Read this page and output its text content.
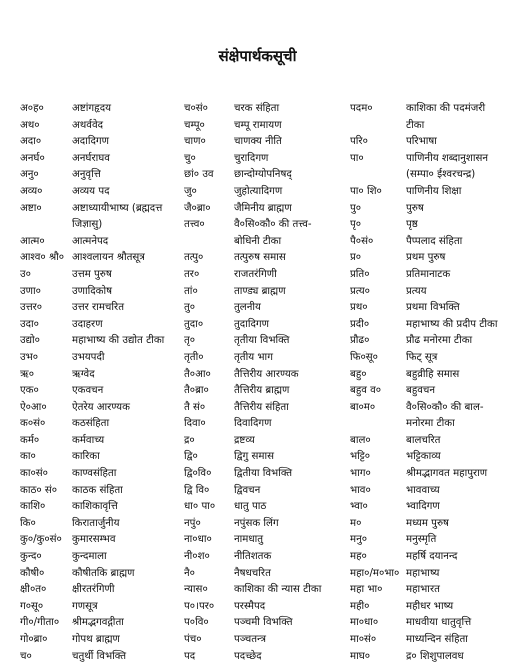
संक्षेपार्थकसूची
अ०ह०	अष्टांगहृदय
अथ०	अथर्ववेद
अदा०	अदादिगण
अनर्घ०	अनर्घराघव
अनु०	अनुवृत्ति
अव्य०	अव्यय पद
अष्टा०	अष्टाध्यायीभाष्य (ब्रह्मदत्त
जिज्ञासु)
आत्म०	आत्मनेपद
आश्व० श्रौ० आश्वलायन श्रौतसूत्र
उ०	उत्तम पुरुष
उणा०	उणादिकोष
उत्तर०	उत्तर रामचरित
उदा०	उदाहरण
उद्यो०	महाभाष्य की उद्योत टीका
उभ०	उभयपदी
ऋ०	ऋग्वेद
एक०	एकवचन
ऐ०आ०	ऐतरेय आरण्यक
क०सं०	कठसंहिता
कर्म०	कर्मवाच्य
का०	कारिका
का०सं०	काण्वसंहिता
काठ० सं०	काठक संहिता
काशि०	काशिकावृत्ति
कि०	किरातार्जुनीय
कु०/कु०सं० कुमारसम्भव
कुन्द०	कुन्दमाला
कौषी०	कौषीतकि ब्राह्मण
क्षी०त०	क्षीरतरंगिणी
ग०सू०	गणसूत्र
गी०/गीता०	श्रीमद्भगवद्गीता
गो०ब्रा०	गोपथ ब्राह्मण
च०	चतुर्थी विभक्ति
च०सं०	चरक संहिता
चम्पू०	चम्पू रामायण
चाण०	चाणक्य नीति
चु०	चुरादिगण
छां० उव	छान्दोग्योपनिषद्
जु०	जुहोत्यादिगण
जै०ब्रा०	जैमिनीय ब्राह्मण
तत्त्व०	वै०सि०कौ० की तत्त्व-
बोधिनी टीका
तत्पु०	तत्पुरुष समास
तर०	राजतरंगिणी
तां०	ताण्ड्य ब्राह्मण
तु०	तुलनीय
तुदा०	तुदादिगण
तृ०	तृतीया विभक्ति
तृती०	तृतीय भाग
तै०आ०	तैत्तिरीय आरण्यक
तै०ब्रा०	तैत्तिरीय ब्राह्मण
तै सं०	तैत्तिरीय संहिता
दिवा०	दिवादिगण
द्र०	द्रष्टव्य
द्वि०	द्विगु समास
द्वि०वि०	द्वितीया विभक्ति
द्वि वि०	द्विवचन
धा० पा०	धातु पाठ
नपुं०	नपुंसक लिंग
ना०धा०	नामधातु
नी०श०	नीतिशतक
नै०	नैषधचरित
न्यास०	काशिका की न्यास टीका
प०।पर०	परस्मैपद
प०वि०	पञ्चमी विभक्ति
पंच०	पञ्चतन्त्र
पद	पदच्छेद
पदम०	काशिका की पदमंजरी
टीका
परि०	परिभाषा
पा०	पाणिनीय शब्दानुशासन
(सम्पा० ईश्वरचन्द्र)
पा० शि०	पाणिनीय शिक्षा
पु०	पुरुष
पृ०	पृष्ठ
पै०सं०	पैप्पलाद संहिता
प्र०	प्रथम पुरुष
प्रति०	प्रतिमानाटक
प्रत्य०	प्रत्यय
प्रथ०	प्रथमा विभक्ति
प्रदी०	महाभाष्य की प्रदीप टीका
प्रौढ०	प्रौढ मनोरमा टीका
फि०सू०	फिट् सूत्र
बहु०	बहुव्रीहि समास
बहुव व०	बहुवचन
बा०म०	वै०सि०कौ० की बाल-
मनोरमा टीका
बाल०	बालचरित
भट्टि०	भट्टिकाव्य
भाग०	श्रीमद्भागवत महापुराण
भाव०	भाववाच्य
भ्वा०	भ्वादिगण
म०	मध्यम पुरुष
मनु०	मनुस्मृति
मह०	महर्षि दयानन्द
महा०/म०भा० महाभाष्य
महा भा०	महाभारत
मही०	महीधर भाष्य
मा०धा०	माधवीया धातुवृत्ति
मा०सं०	माध्यन्दिन संहिता
माघ०	द्र० शिशुपालवध
